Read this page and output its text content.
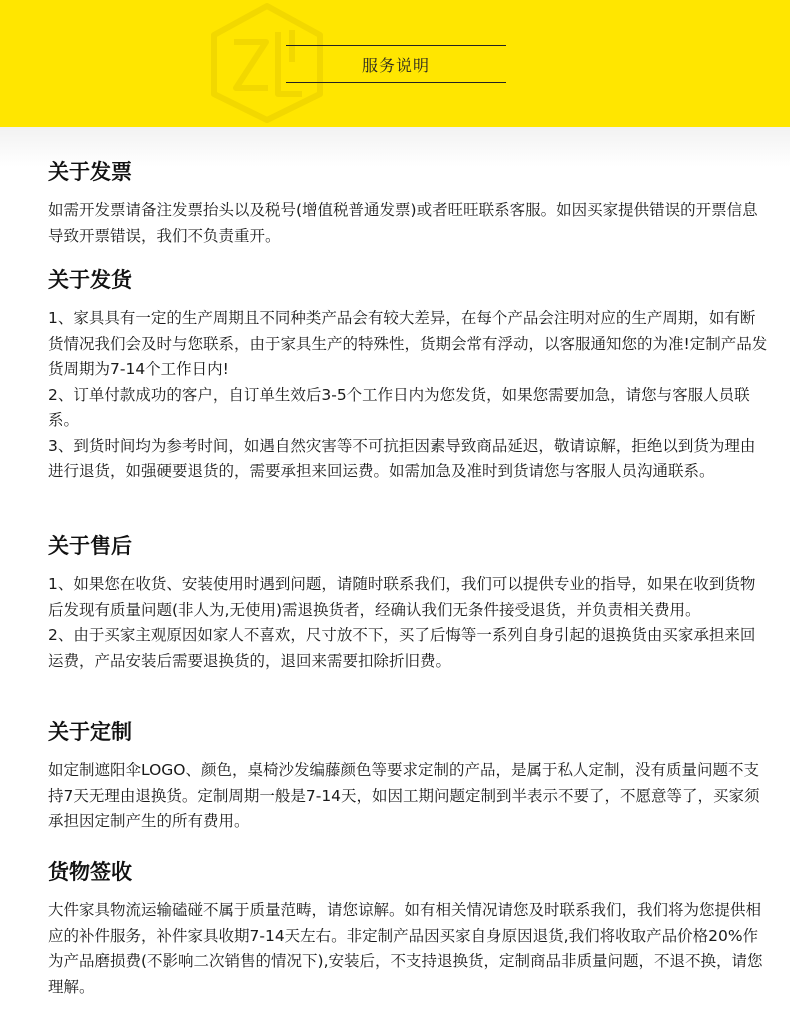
服务说明
关于发票

如需开发票请备注发票抬头以及税号(增值税普通发票)或者旺旺联系客服。如因买家提供错误的开票信息导致开票错误，我们不负责重开。

关于发货

1、家具具有一定的生产周期且不同种类产品会有较大差异，在每个产品会注明对应的生产周期，如有断货情况我们会及时与您联系，由于家具生产的特殊性，货期会常有浮动，以客服通知您的为准!定制产品发货周期为7-14个工作日内!

2、订单付款成功的客户，自订单生效后3-5个工作日内为您发货，如果您需要加急，请您与客服人员联系。

3、到货时间均为参考时间，如遇自然灾害等不可抗拒因素导致商品延迟，敬请谅解，拒绝以到货为理由进行退货，如强硬要退货的，需要承担来回运费。如需加急及准时到货请您与客服人员沟通联系。

关于售后

1、如果您在收货、安装使用时遇到问题，请随时联系我们，我们可以提供专业的指导，如果在收到货物后发现有质量问题(非人为,无使用)需退换货者，经确认我们无条件接受退货，并负责相关费用。

2、由于买家主观原因如家人不喜欢，尺寸放不下，买了后悔等一系列自身引起的退换货由买家承担来回运费，产品安装后需要退换货的，退回来需要扣除折旧费。

关于定制

如定制遮阳伞LOGO、颜色，桌椅沙发编藤颜色等要求定制的产品，是属于私人定制，没有质量问题不支持7天无理由退换货。定制周期一般是7-14天，如因工期问题定制到半表示不要了，不愿意等了，买家须承担因定制产生的所有费用。

货物签收

大件家具物流运输磕碰不属于质量范畴，请您谅解。如有相关情况请您及时联系我们，我们将为您提供相应的补件服务，补件家具收期7-14天左右。非定制产品因买家自身原因退货,我们将收取产品价格20%作为产品磨损费(不影响二次销售的情况下),安装后，不支持退换货，定制商品非质量问题，不退不换，请您理解。
